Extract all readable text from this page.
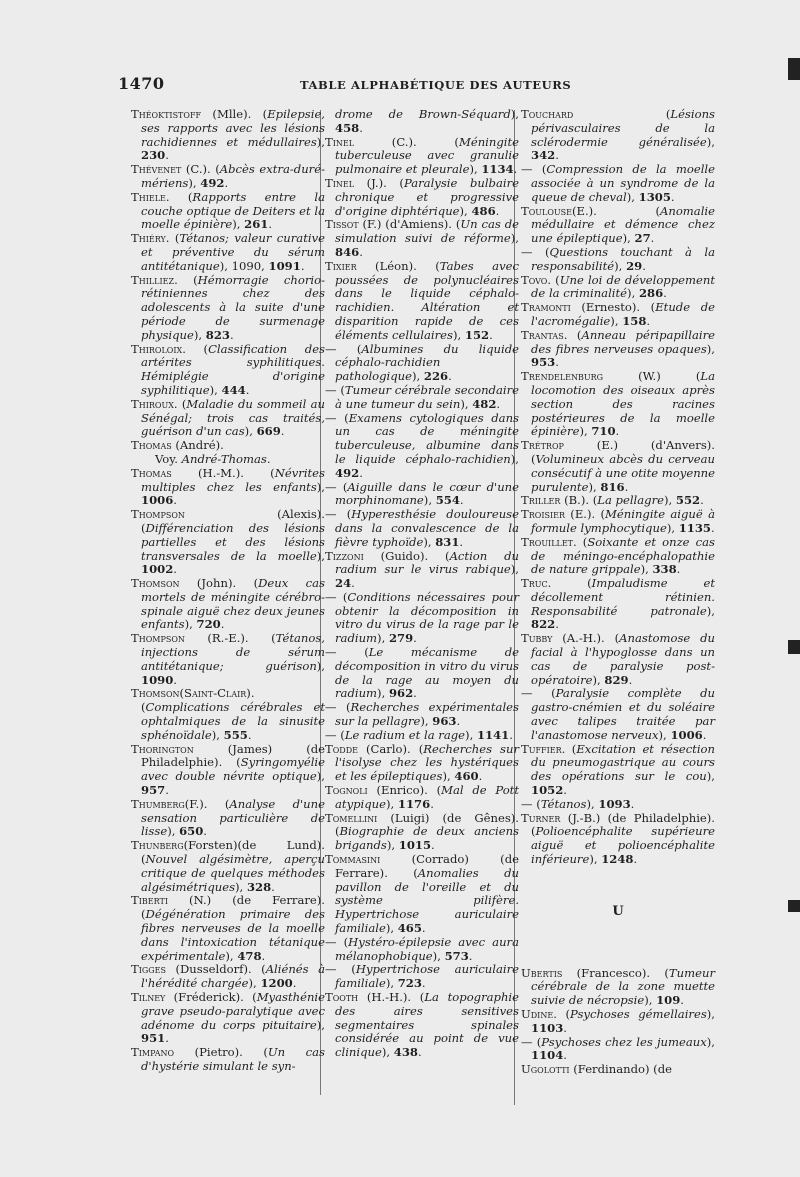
1470	TABLE ALPHABÉTIQUE DES AUTEURS
Théoktistoff (Mlle). (Epilepsie, ses rapports avec les lésions rachidiennes et médullaires), 230.
Thévenet (C.). (Abcès extra-duré-mériens), 492.
Thiele. (Rapports entre la couche optique de Deiters et la moelle épinière), 261.
Thiéry. (Tétanos; valeur curative et préventive du sérum antitétanique), 1090, 1091.
Thilliez. (Hémorragie chorio-rétiniennes chez des adolescents à la suite d'une période de surmenage physique), 823.
Thiroloix. (Classification des artérites syphilitiques. Hémiplégie d'origine syphilitique), 444.
Thiroux. (Maladie du sommeil au Sénégal; trois cas traités, guérison d'un cas), 669.
Thomas (André).
Voy. André-Thomas.
Thomas (H.-M.). (Névrites multiples chez les enfants), 1006.
Thompson (Alexis). (Différenciation des lésions partielles et des lésions transversales de la moelle), 1002.
Thomson (John). (Deux cas mortels de méningite cérébro-spinale aiguë chez deux jeunes enfants), 720.
Thompson (R.-E.). (Tétanos, injections de sérum antitétanique; guérison), 1090.
Thomson(Saint-Clair). (Complications cérébrales et ophtalmiques de la sinusite sphénoïdale), 555.
Thorington (James) (de Philadelphie). (Syringomyélie avec double névrite optique), 957.
Thumberg(F.). (Analyse d'une sensation particulière de lisse), 650.
Thunberg(Forsten)(de Lund). (Nouvel algésimètre, aperçu critique de quelques méthodes algésimétriques), 328.
Tiberti (N.) (de Ferrare). (Dégénération primaire des fibres nerveuses de la moelle dans l'intoxication tétanique expérimentale), 478.
Tigges (Dusseldorf). (Aliénés à l'hérédité chargée), 1200.
Tilney (Fréderick). (Myasthénie grave pseudo-paralytique avec adénome du corps pituitaire), 951.
Timpano (Pietro). (Un cas d'hystérie simulant le syn-
drome de Brown-Séquard), 458.
Tinel (C.). (Méningite tuberculeuse avec granulie pulmonaire et pleurale), 1134.
Tinel (J.). (Paralysie bulbaire chronique et progressive d'origine diphtérique), 486.
Tissot (F.) (d'Amiens). (Un cas de simulation suivi de réforme), 846.
Tixier (Léon). (Tabes avec poussées de polynucléaires dans le liquide céphalo-rachidien. Altération et disparition rapide de ces éléments cellulaires), 152.
— (Albumines du liquide céphalo-rachidien pathologique), 226.
— (Tumeur cérébrale secondaire à une tumeur du sein), 482.
— (Examens cytologiques dans un cas de méningite tuberculeuse, albumine dans le liquide céphalo-rachidien), 492.
— (Aiguille dans le cœur d'une morphinomane), 554.
— (Hyperesthésie douloureuse dans la convalescence de la fièvre typhoïde), 831.
Tizzoni (Guido). (Action du radium sur le virus rabique), 24.
— (Conditions nécessaires pour obtenir la décomposition in vitro du virus de la rage par le radium), 279.
— (Le mécanisme de décomposition in vitro du virus de la rage au moyen du radium), 962.
— (Recherches expérimentales sur la pellagre), 963.
— (Le radium et la rage), 1141.
Todde (Carlo). (Recherches sur l'isolyse chez les hystériques et les épileptiques), 460.
Tognoli (Enrico). (Mal de Pott atypique), 1176.
Tomellini (Luigi) (de Gênes). (Biographie de deux anciens brigands), 1015.
Tommasini (Corrado) (de Ferrare). (Anomalies du pavillon de l'oreille et du système pilifère. Hypertrichose auriculaire familiale), 465.
— (Hystéro-épilepsie avec aura mélanophobique), 573.
— (Hypertrichose auriculaire familiale), 723.
Tooth (H.-H.). (La topographie des aires sensitives segmentaires spinales considérée au point de vue clinique), 438.
Touchard (Lésions périvasculaires de la sclérodermie généralisée), 342.
— (Compression de la moelle associée à un syndrome de la queue de cheval), 1305.
Toulouse(E.). (Anomalie médullaire et démence chez une épileptique), 27.
— (Questions touchant à la responsabilité), 29.
Tovo. (Une loi de développement de la criminalité), 286.
Tramonti (Ernesto). (Etude de l'acromégalie), 158.
Trantas. (Anneau péripapillaire des fibres nerveuses opaques), 953.
Trendelenburg (W.) (La locomotion des oiseaux après section des racines postérieures de la moelle épinière), 710.
Trétrop (E.) (d'Anvers). (Volumineux abcès du cerveau consécutif à une otite moyenne purulente), 816.
Triller (B.). (La pellagre), 552.
Troisier (E.). (Méningite aiguë à formule lymphocytique), 1135.
Trouillet. (Soixante et onze cas de méningo-encéphalopathie de nature grippale), 338.
Truc. (Impaludisme et décollement rétinien. Responsabilité patronale), 822.
Tubby (A.-H.). (Anastomose du facial à l'hypoglosse dans un cas de paralysie post-opératoire), 829.
— (Paralysie complète du gastro-cnémien et du soléaire avec talipes traitée par l'anastomose nerveux), 1006.
Tuffier. (Excitation et résection du pneumogastrique au cours des opérations sur le cou), 1052.
— (Tétanos), 1093.
Turner (J.-B.) (de Philadelphie). (Polioencéphalite supérieure aiguë et polioencéphalite inférieure), 1248.
U
Ubertis (Francesco). (Tumeur cérébrale de la zone muette suivie de nécropsie), 109.
Udine. (Psychoses gémellaires), 1103.
— (Psychoses chez les jumeaux), 1104.
Ugolotti (Ferdinando) (de
